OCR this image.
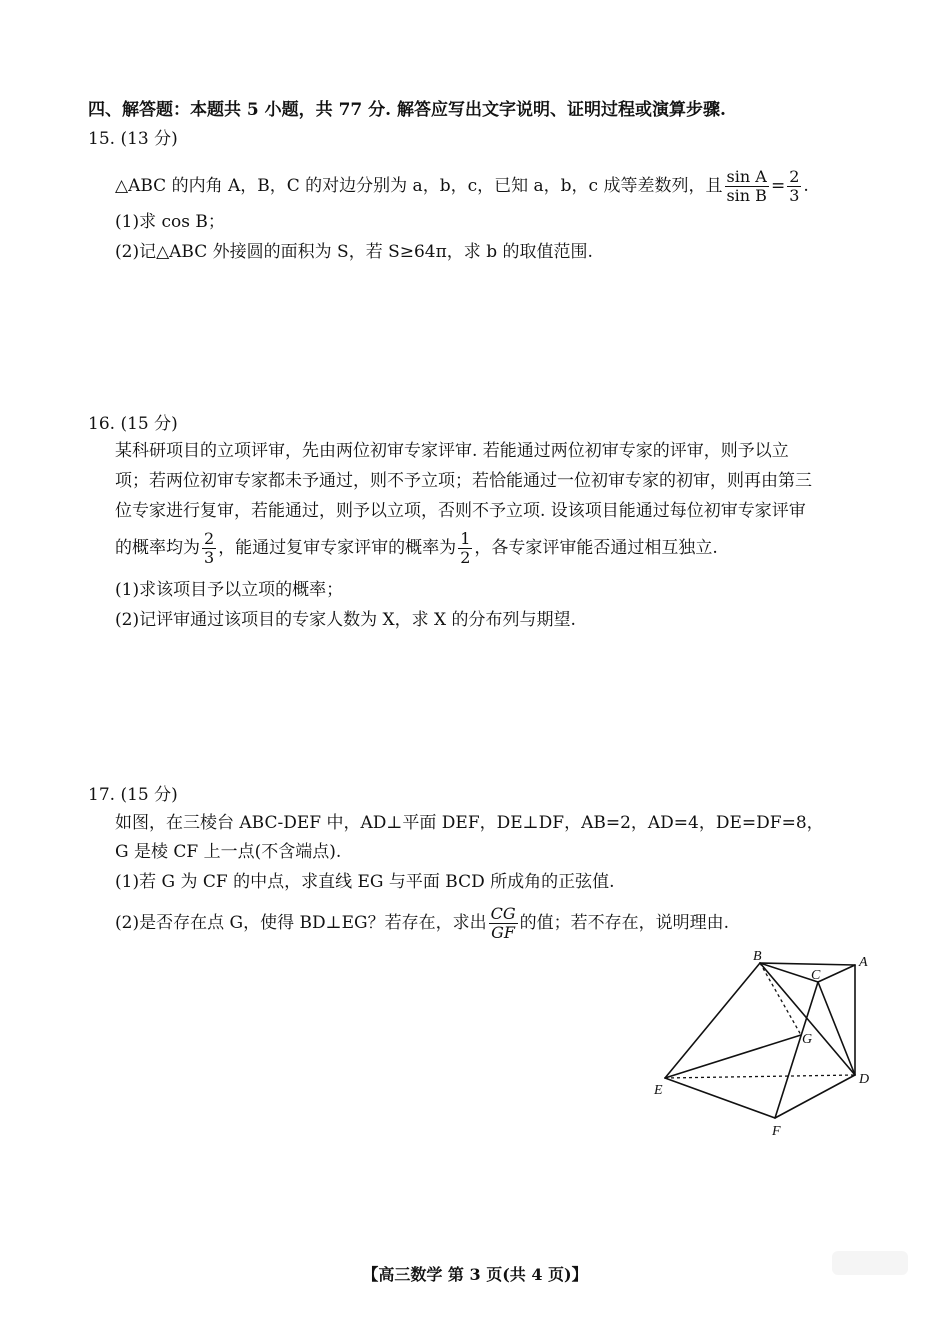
四、解答题：本题共 5 小题，共 77 分. 解答应写出文字说明、证明过程或演算步骤.
15. (13 分)
△ABC 的内角 A，B，C 的对边分别为 a，b，c，已知 a，b，c 成等差数列，且 $\frac{\text{sin A}}{\text{sin B}} = \frac{2}{3}$ .
(1)求 cos B；
(2)记△ABC 外接圆的面积为 S，若 S≥64π，求 b 的取值范围.
16. (15 分)
某科研项目的立项评审，先由两位初审专家评审. 若能通过两位初审专家的评审，则予以立
项；若两位初审专家都未予通过，则不予立项；若恰能通过一位初审专家的初审，则再由第三
位专家进行复审，若能通过，则予以立项，否则不予立项. 设该项目能通过每位初审专家评审
的概率均为 $\frac{2}{3}$ ，能通过复审专家评审的概率为 $\frac{1}{2}$ ，各专家评审能否通过相互独立.
(1)求该项目予以立项的概率；
(2)记评审通过该项目的专家人数为 X，求 X 的分布列与期望.
17. (15 分)
如图，在三棱台 ABC-DEF 中，AD⊥平面 DEF，DE⊥DF，AB=2，AD=4，DE=DF=8，
G 是棱 CF 上一点(不含端点).
(1)若 G 为 CF 的中点，求直线 EG 与平面 BCD 所成角的正弦值.
(2)是否存在点 G，使得 BD⊥EG？若存在，求出 $\frac{CG}{GF}$ 的值；若不存在，说明理由.
B	A
C
G
D
E
F
【高三数学 第 3 页(共 4 页)】
